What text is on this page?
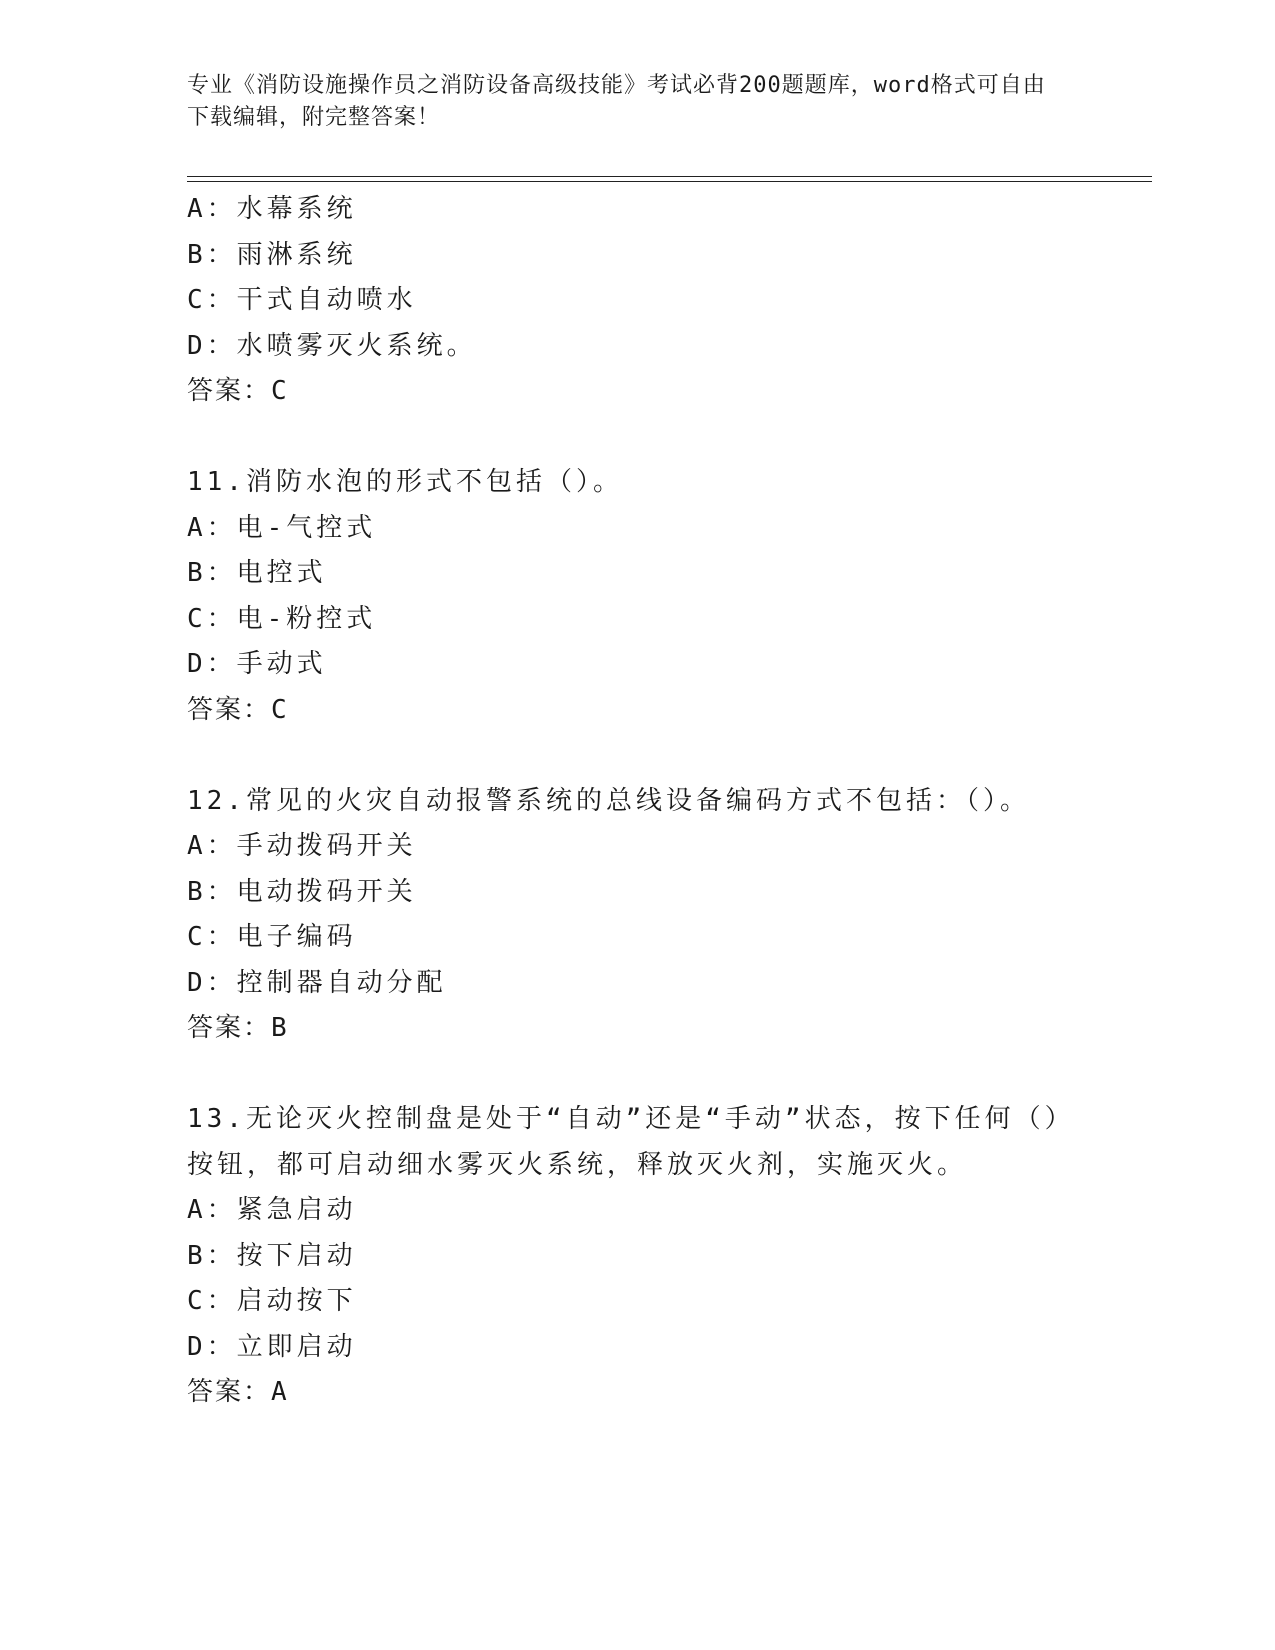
专业《消防设施操作员之消防设备高级技能》考试必背200题题库，word格式可自由下载编辑，附完整答案！
A：水幕系统
B：雨淋系统
C：干式自动喷水
D：水喷雾灭火系统。
答案：C
11.消防水泡的形式不包括（）。
A：电-气控式
B：电控式
C：电-粉控式
D：手动式
答案：C
12.常见的火灾自动报警系统的总线设备编码方式不包括：（）。
A：手动拨码开关
B：电动拨码开关
C：电子编码
D：控制器自动分配
答案：B
13.无论灭火控制盘是处于“自动”还是“手动”状态，按下任何（）
按钮，都可启动细水雾灭火系统，释放灭火剂，实施灭火。
A：紧急启动
B：按下启动
C：启动按下
D：立即启动
答案：A
